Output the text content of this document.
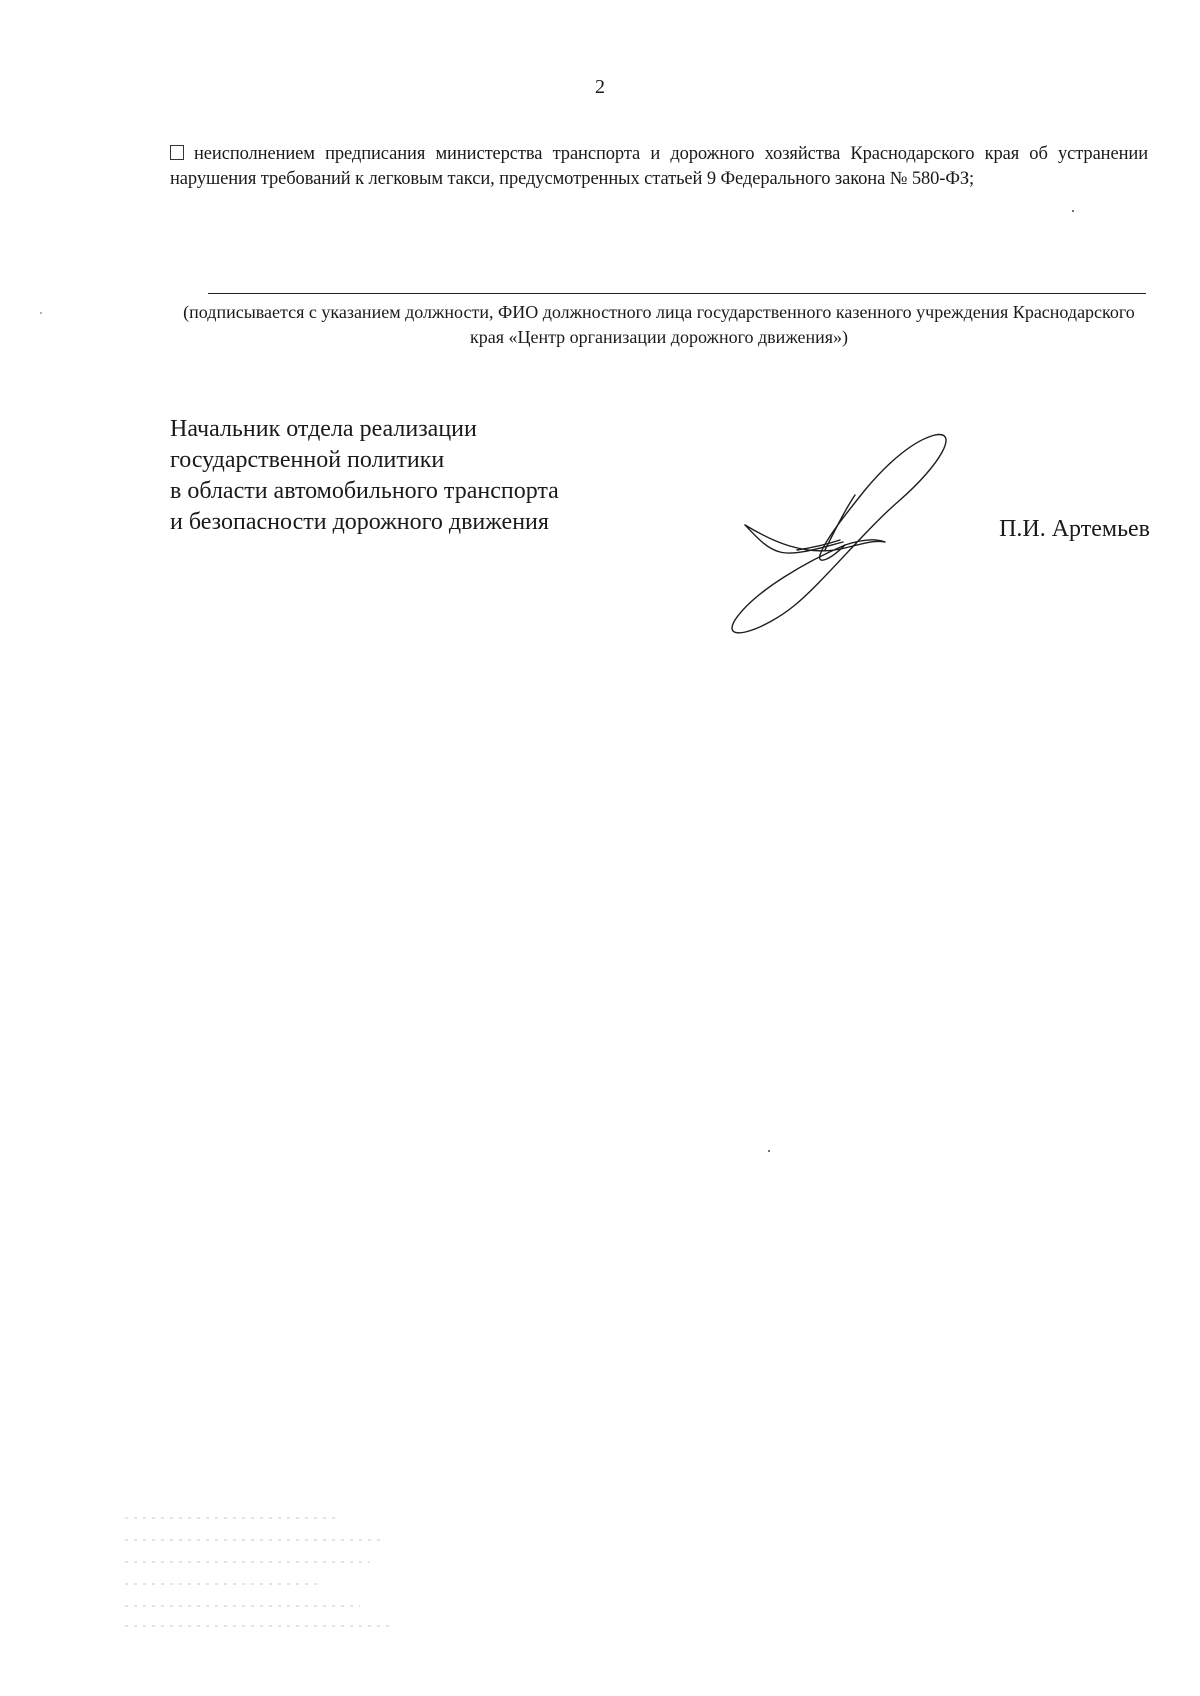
2
неисполнением предписания министерства транспорта и дорожного хозяйства Краснодарского края об устранении нарушения требований к легковым такси, предусмотренных статьей 9 Федерального закона № 580-ФЗ;
(подписывается с указанием должности, ФИО должностного лица государственного казенного учреждения Краснодарского края «Центр организации дорожного движения»)
Начальник отдела реализации
государственной политики
в области автомобильного транспорта
и безопасности дорожного движения	П.И. Артемьев
